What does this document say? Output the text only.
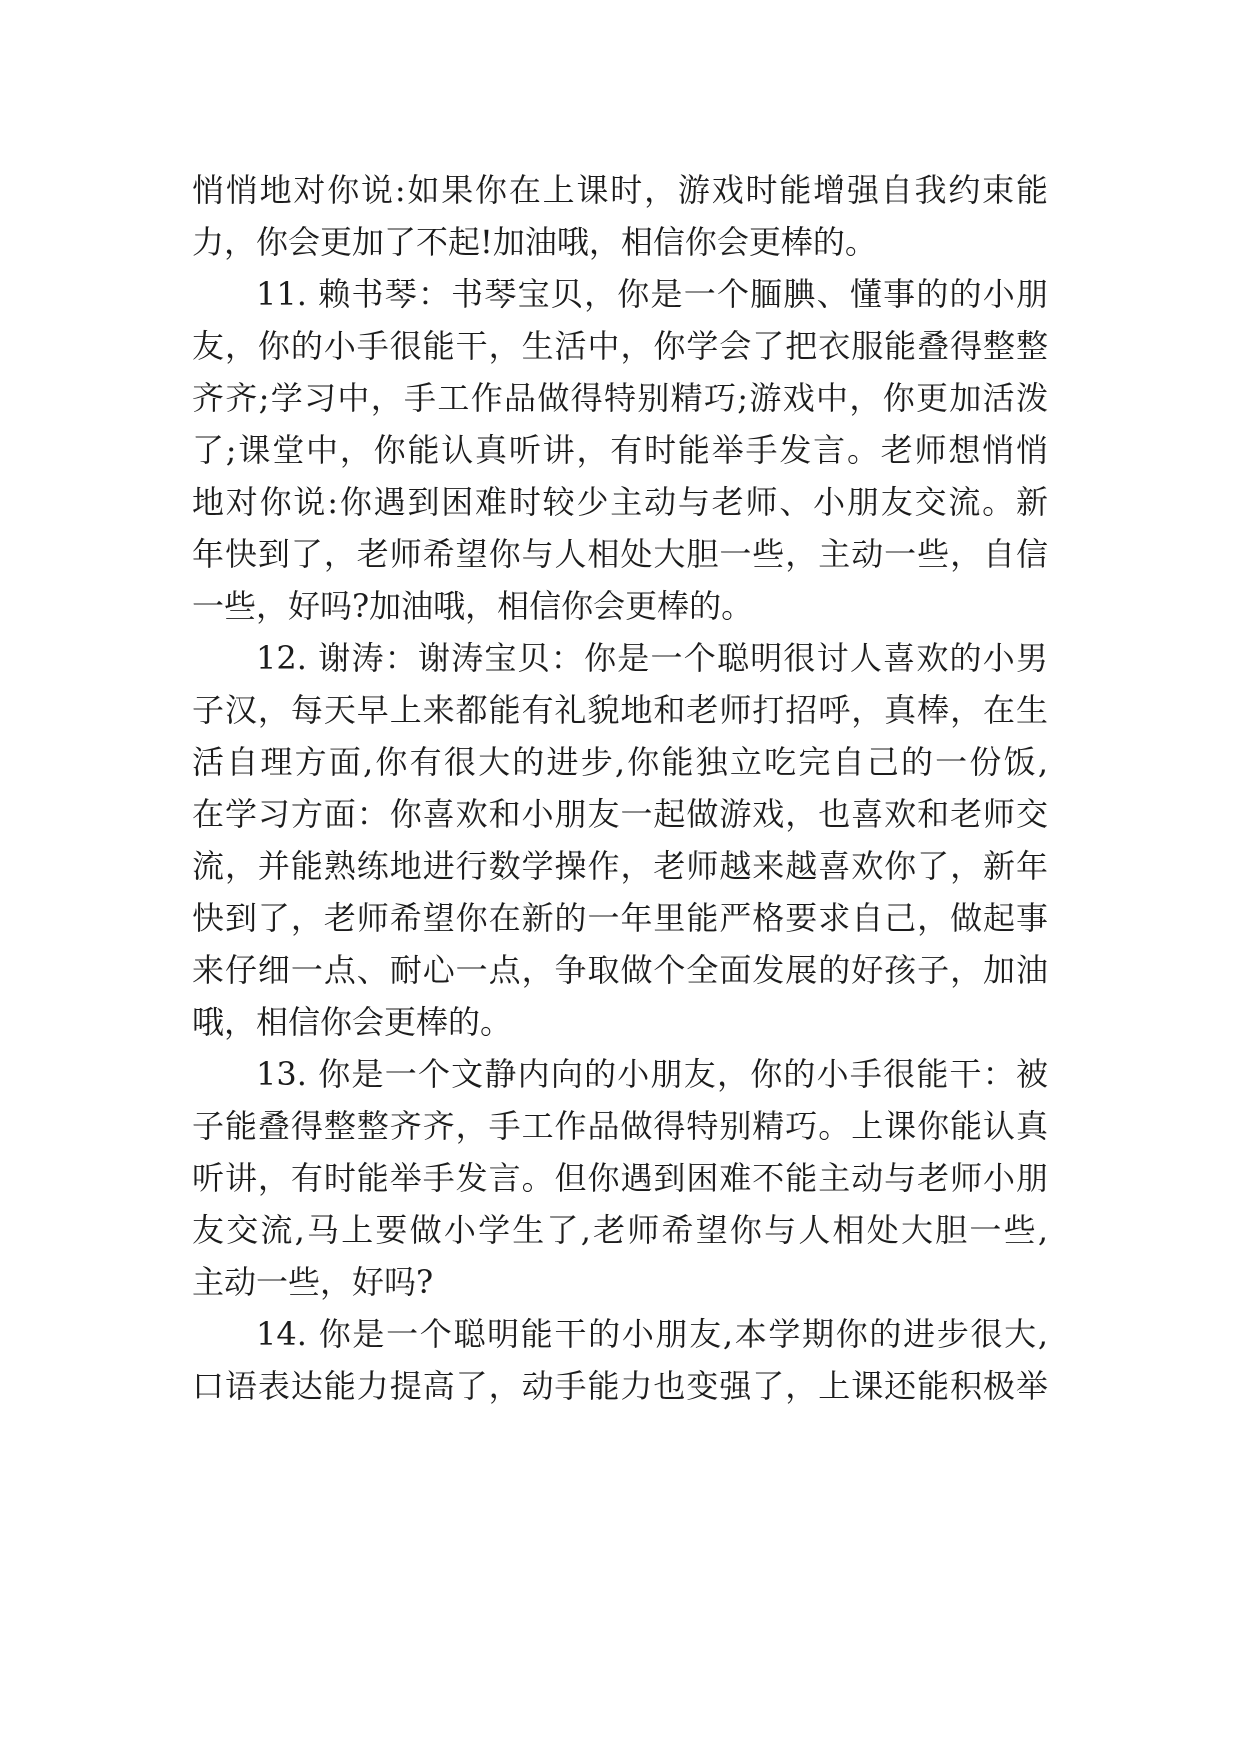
悄悄地对你说:如果你在上课时，游戏时能增强自我约束能
力，你会更加了不起!加油哦，相信你会更棒的。
11. 赖书琴：书琴宝贝，你是一个腼腆、懂事的的小朋
友，你的小手很能干，生活中，你学会了把衣服能叠得整整
齐齐;学习中，手工作品做得特别精巧;游戏中，你更加活泼
了;课堂中，你能认真听讲，有时能举手发言。老师想悄悄
地对你说:你遇到困难时较少主动与老师、小朋友交流。新
年快到了，老师希望你与人相处大胆一些，主动一些，自信
一些，好吗?加油哦，相信你会更棒的。
12. 谢涛：谢涛宝贝：你是一个聪明很讨人喜欢的小男
子汉，每天早上来都能有礼貌地和老师打招呼，真棒，在生
活自理方面,你有很大的进步,你能独立吃完自己的一份饭,
在学习方面：你喜欢和小朋友一起做游戏，也喜欢和老师交
流，并能熟练地进行数学操作，老师越来越喜欢你了，新年
快到了，老师希望你在新的一年里能严格要求自己，做起事
来仔细一点、耐心一点，争取做个全面发展的好孩子，加油
哦，相信你会更棒的。
13. 你是一个文静内向的小朋友，你的小手很能干：被
子能叠得整整齐齐，手工作品做得特别精巧。上课你能认真
听讲，有时能举手发言。但你遇到困难不能主动与老师小朋
友交流,马上要做小学生了,老师希望你与人相处大胆一些,
主动一些，好吗?
14. 你是一个聪明能干的小朋友,本学期你的进步很大,
口语表达能力提高了，动手能力也变强了，上课还能积极举
